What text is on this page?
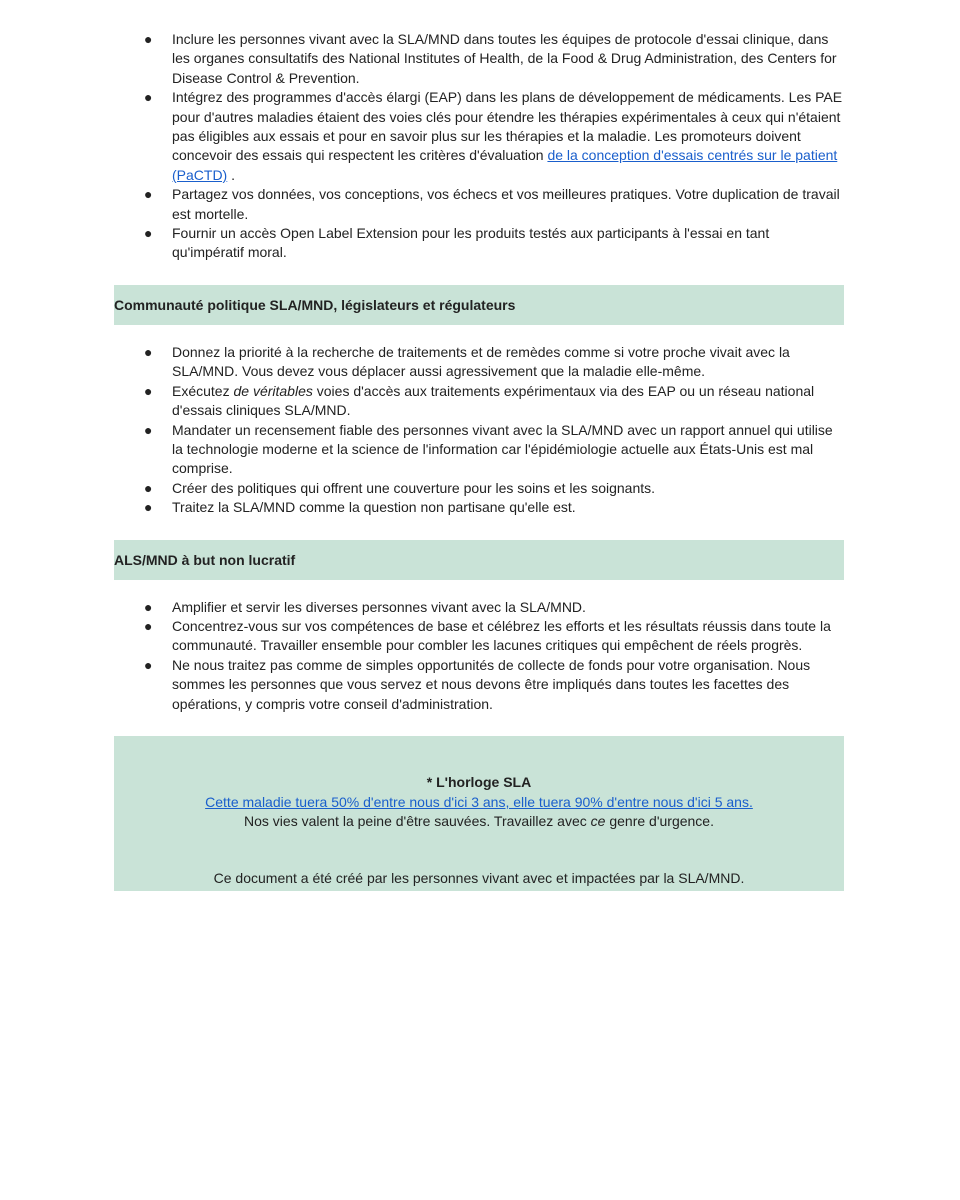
● Inclure les personnes vivant avec la SLA/MND dans toutes les équipes de protocole d'essai clinique, dans les organes consultatifs des National Institutes of Health, de la Food & Drug Administration, des Centers for Disease Control & Prevention.
● Intégrez des programmes d'accès élargi (EAP) dans les plans de développement de médicaments. Les PAE pour d'autres maladies étaient des voies clés pour étendre les thérapies expérimentales à ceux qui n'étaient pas éligibles aux essais et pour en savoir plus sur les thérapies et la maladie. Les promoteurs doivent concevoir des essais qui respectent les critères d'évaluation de la conception d'essais centrés sur le patient (PaCTD) .
● Partagez vos données, vos conceptions, vos échecs et vos meilleures pratiques. Votre duplication de travail est mortelle.
● Fournir un accès Open Label Extension pour les produits testés aux participants à l'essai en tant qu'impératif moral.
Communauté politique SLA/MND, législateurs et régulateurs
● Donnez la priorité à la recherche de traitements et de remèdes comme si votre proche vivait avec la SLA/MND. Vous devez vous déplacer aussi agressivement que la maladie elle-même.
● Exécutez de véritables voies d'accès aux traitements expérimentaux via des EAP ou un réseau national d'essais cliniques SLA/MND.
● Mandater un recensement fiable des personnes vivant avec la SLA/MND avec un rapport annuel qui utilise la technologie moderne et la science de l'information car l'épidémiologie actuelle aux États-Unis est mal comprise.
● Créer des politiques qui offrent une couverture pour les soins et les soignants.
● Traitez la SLA/MND comme la question non partisane qu'elle est.
ALS/MND à but non lucratif
● Amplifier et servir les diverses personnes vivant avec la SLA/MND.
● Concentrez-vous sur vos compétences de base et célébrez les efforts et les résultats réussis dans toute la communauté. Travailler ensemble pour combler les lacunes critiques qui empêchent de réels progrès.
● Ne nous traitez pas comme de simples opportunités de collecte de fonds pour votre organisation. Nous sommes les personnes que vous servez et nous devons être impliqués dans toutes les facettes des opérations, y compris votre conseil d'administration.
* L'horloge SLA
Cette maladie tuera 50% d'entre nous d'ici 3 ans, elle tuera 90% d'entre nous d'ici 5 ans.
Nos vies valent la peine d'être sauvées. Travaillez avec ce genre d'urgence.
Ce document a été créé par les personnes vivant avec et impactées par la SLA/MND.
